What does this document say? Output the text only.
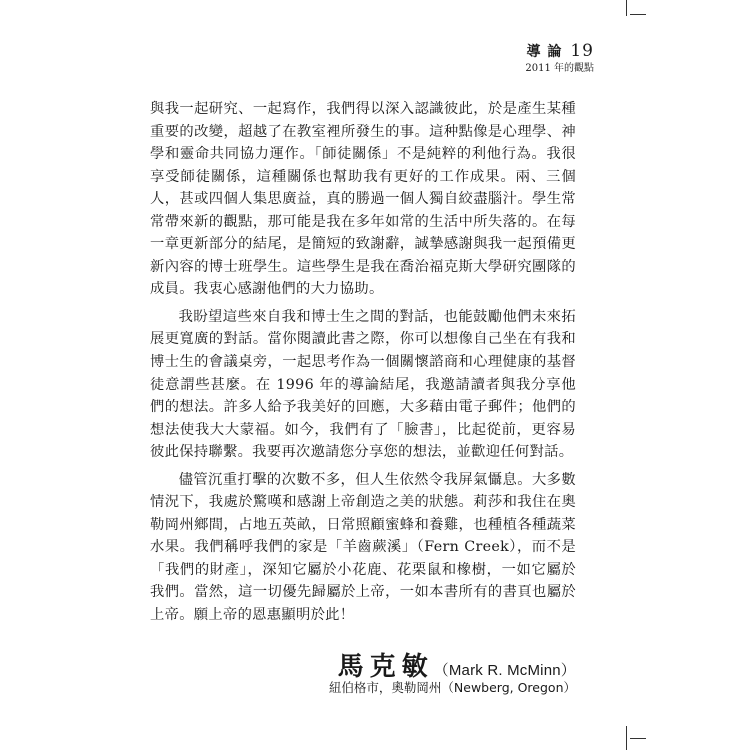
導 論 19
2011 年的觀點

與我一起研究、一起寫作，我們得以深入認識彼此，於是產生某種重要的改變，超越了在教室裡所發生的事。這种點像是心理學、神學和靈命共同協力運作。「師徒關係」不是純粹的利他行為。我很享受師徒關係，這種關係也幫助我有更好的工作成果。兩、三個人，甚或四個人集思廣益，真的勝過一個人獨自絞盡腦汁。學生常常帶來新的觀點，那可能是我在多年如常的生活中所失落的。在每一章更新部分的結尾，是簡短的致謝辭，誠摯感謝與我一起預備更新內容的博士班學生。這些學生是我在喬治福克斯大學研究團隊的成員。我衷心感謝他們的大力協助。

我盼望這些來自我和博士生之間的對話，也能鼓勵他們未來拓展更寬廣的對話。當你閱讀此書之際，你可以想像自己坐在有我和博士生的會議桌旁，一起思考作為一個關懷諮商和心理健康的基督徒意謂些甚麼。在 1996 年的導論結尾，我邀請讀者與我分享他們的想法。許多人給予我美好的回應，大多藉由電子郵件；他們的想法使我大大蒙福。如今，我們有了「臉書」，比起從前，更容易彼此保持聯繫。我要再次邀請您分享您的想法，並歡迎任何對話。

儘管沉重打擊的次數不多，但人生依然令我屏氣懾息。大多數情況下，我處於驚嘆和感謝上帝創造之美的狀態。莉莎和我住在奧勒岡州鄉間，占地五英畝，日常照顧蜜蜂和養雞，也種植各種蔬菜水果。我們稱呼我們的家是「羊齒蕨溪」（Fern Creek），而不是「我們的財產」，深知它屬於小花鹿、花栗鼠和橡樹，一如它屬於我們。當然，這一切優先歸屬於上帝，一如本書所有的書頁也屬於上帝。願上帝的恩惠顯明於此！

馬克敏（Mark R. McMinn）
紐伯格市，奧勒岡州（Newberg, Oregon）
